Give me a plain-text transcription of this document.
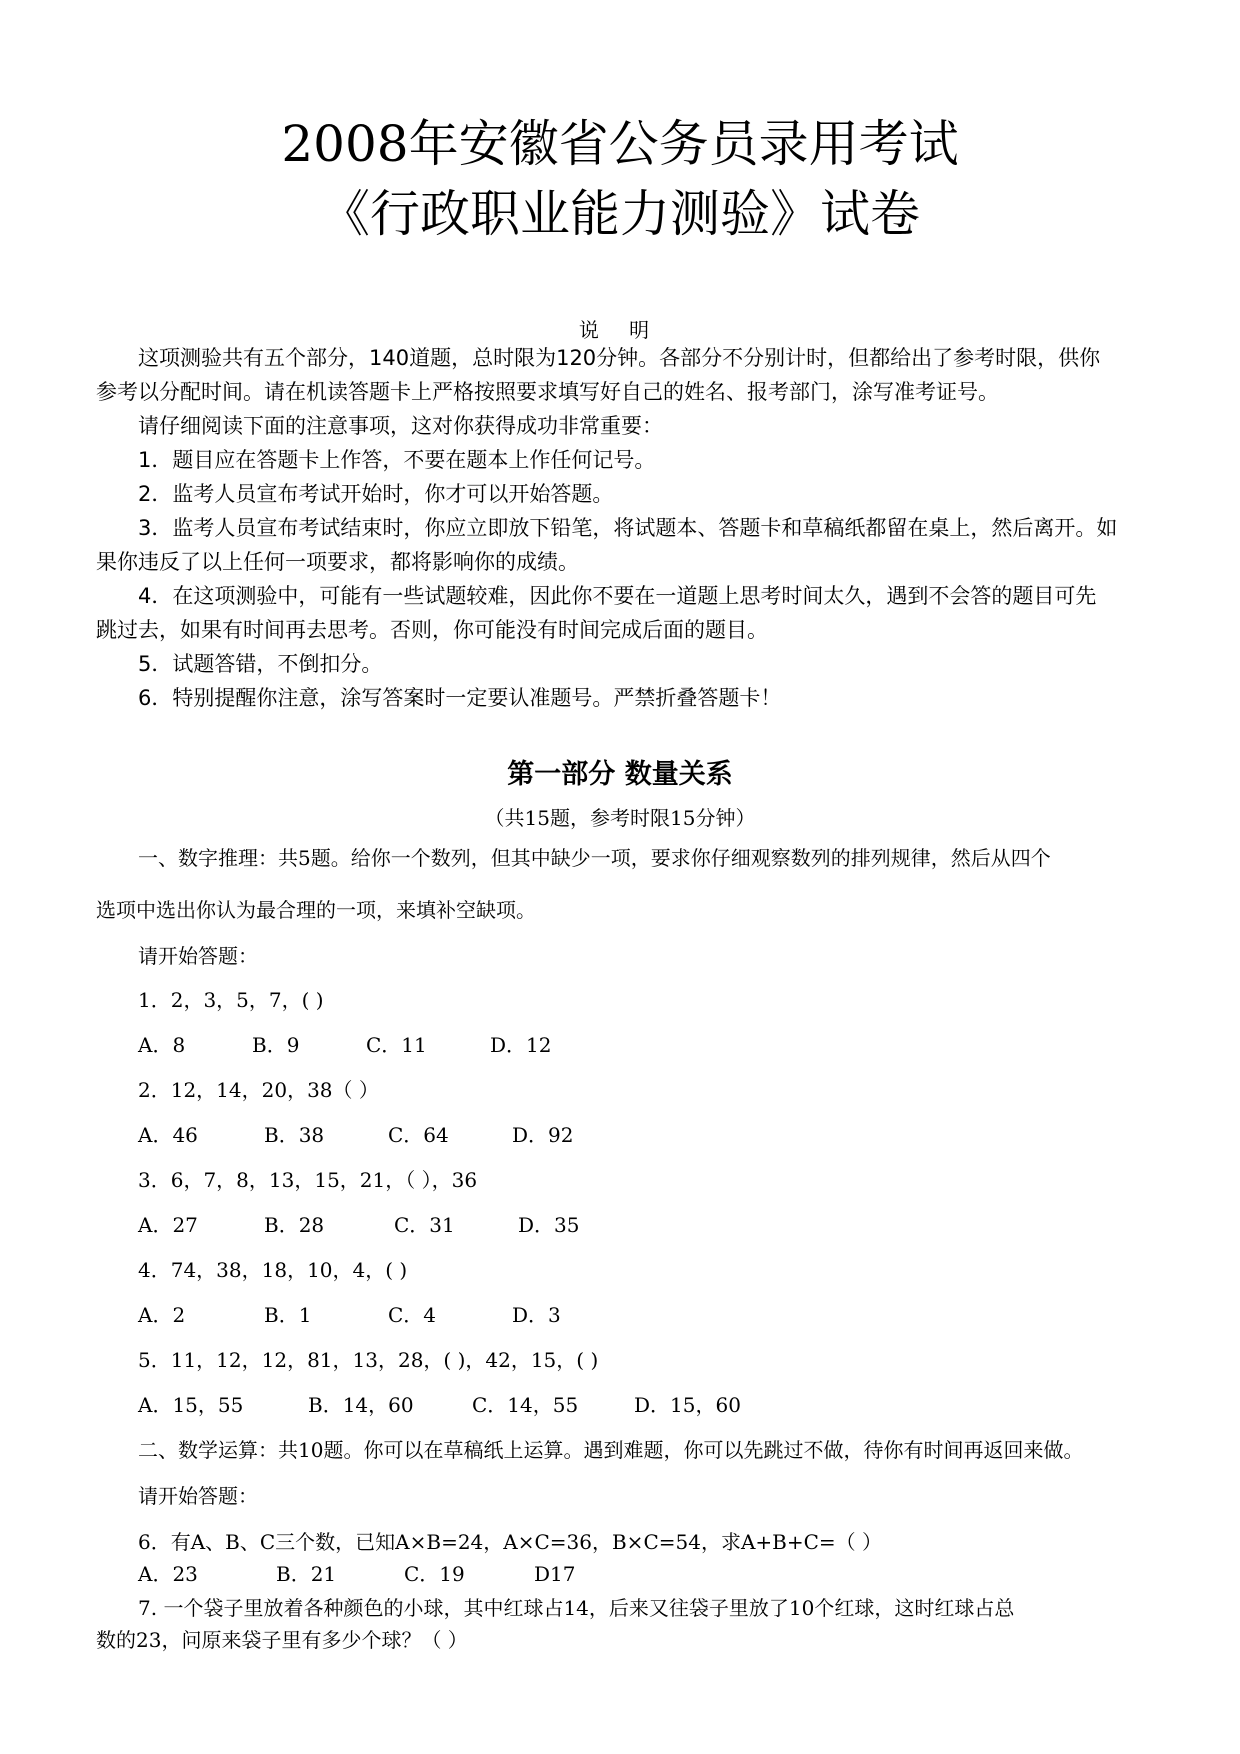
2008年安徽省公务员录用考试
《行政职业能力测验》试卷
说 明
这项测验共有五个部分，140道题，总时限为120分钟。各部分不分别计时，但都给出了参考时限，供你
参考以分配时间。请在机读答题卡上严格按照要求填写好自己的姓名、报考部门，涂写准考证号。
请仔细阅读下面的注意事项，这对你获得成功非常重要：
1．题目应在答题卡上作答，不要在题本上作任何记号。
2．监考人员宣布考试开始时，你才可以开始答题。
3．监考人员宣布考试结束时，你应立即放下铅笔，将试题本、答题卡和草稿纸都留在桌上，然后离开。如
果你违反了以上任何一项要求，都将影响你的成绩。
4．在这项测验中，可能有一些试题较难，因此你不要在一道题上思考时间太久，遇到不会答的题目可先
跳过去，如果有时间再去思考。否则，你可能没有时间完成后面的题目。
5．试题答错，不倒扣分。
6．特别提醒你注意，涂写答案时一定要认准题号。严禁折叠答题卡！
第一部分 数量关系
（共15题，参考时限15分钟）
一、数字推理：共5题。给你一个数列，但其中缺少一项，要求你仔细观察数列的排列规律，然后从四个
选项中选出你认为最合理的一项，来填补空缺项。
请开始答题：
1．2，3，5，7，( )
A．8	B．9	C．11	D．12
2．12，14，20，38（ ）
A．46	B．38	C．64	D．92
3．6，7，8，13，15，21，（ ），36
A．27	B．28	C．31	D．35
4．74，38，18，10，4，( )
A．2	B．1	C．4	D．3
5．11，12，12，81，13，28，( )，42，15，( )
A．15，55	B．14，60	C．14，55	D．15，60
二、数学运算：共10题。你可以在草稿纸上运算。遇到难题，你可以先跳过不做，待你有时间再返回来做。
请开始答题：
6．有A、B、C三个数，已知A×B=24，A×C=36，B×C=54，求A+B+C=（ ）
A．23	B．21	C．19	D17
7. 一个袋子里放着各种颜色的小球，其中红球占14，后来又往袋子里放了10个红球，这时红球占总
数的23，问原来袋子里有多少个球？（ ）
